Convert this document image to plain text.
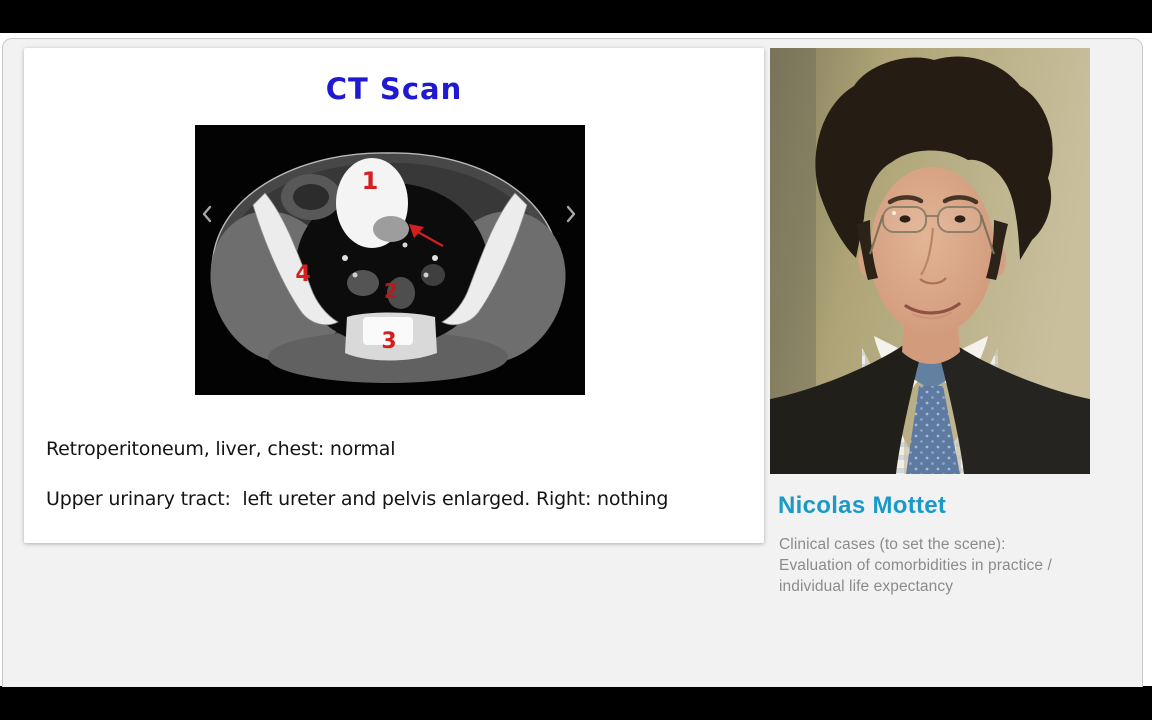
CT Scan
1
2
3
4
Retroperitoneum, liver, chest: normal
Upper urinary tract:  left ureter and pelvis enlarged. Right: nothing	Nicolas Mottet
Clinical cases (to set the scene):
Evaluation of comorbidities in practice /
individual life expectancy
